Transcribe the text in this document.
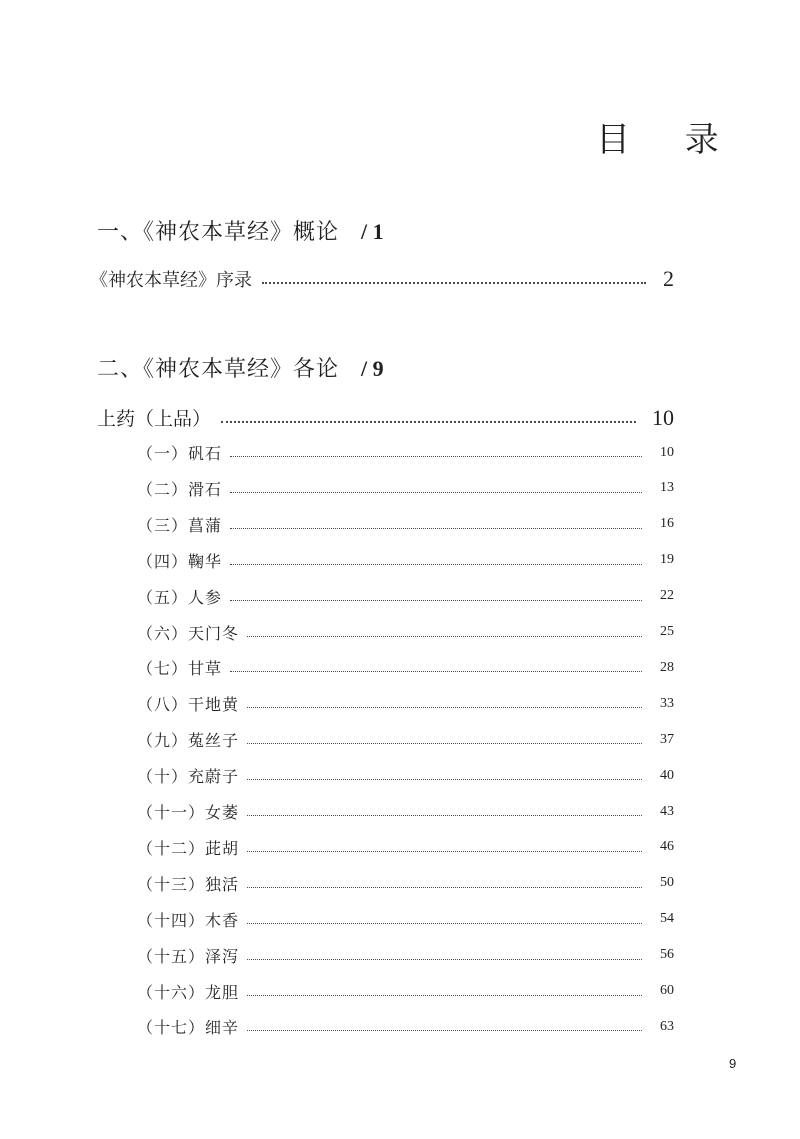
目 录
一、《神农本草经》概论 / 1
《神农本草经》序录	2
二、《神农本草经》各论 / 9
上药（上品）	10
（一）矾石	10
（二）滑石	13
（三）菖蒲	16
（四）鞠华	19
（五）人参	22
（六）天门冬	25
（七）甘草	28
（八）干地黄	33
（九）菟丝子	37
（十）充蔚子	40
（十一）女萎	43
（十二）茈胡	46
（十三）独活	50
（十四）木香	54
（十五）泽泻	56
（十六）龙胆	60
（十七）细辛	63
9
